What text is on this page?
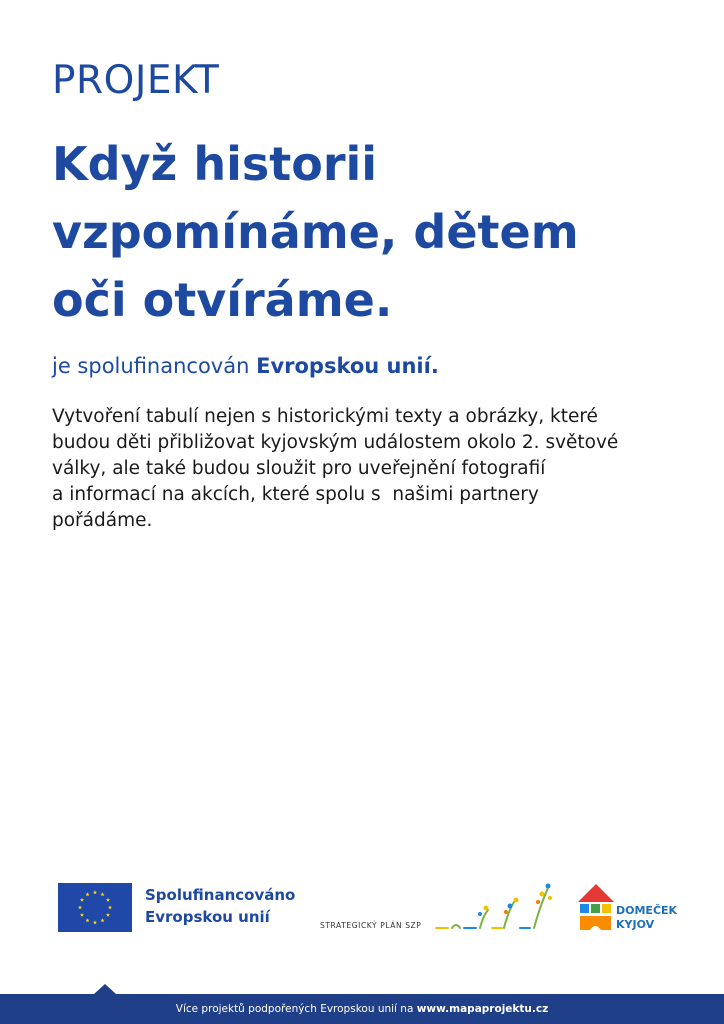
PROJEKT
Když historii
vzpomínáme, dětem
oči otvíráme.
je spolufinancován Evropskou unií.
Vytvoření tabulí nejen s historickými texty a obrázky, které
budou děti přibližovat kyjovským událostem okolo 2. světové
války, ale také budou sloužit pro uveřejnění fotografií
a informací na akcích, které spolu s  našimi partnery
pořádáme.
Spolufinancováno
Evropskou unií	STRATEGICKÝ PLÁN SZP
DOMEČEK
KYJOV
Více projektů podpořených Evropskou unií na www.mapaprojektu.cz
